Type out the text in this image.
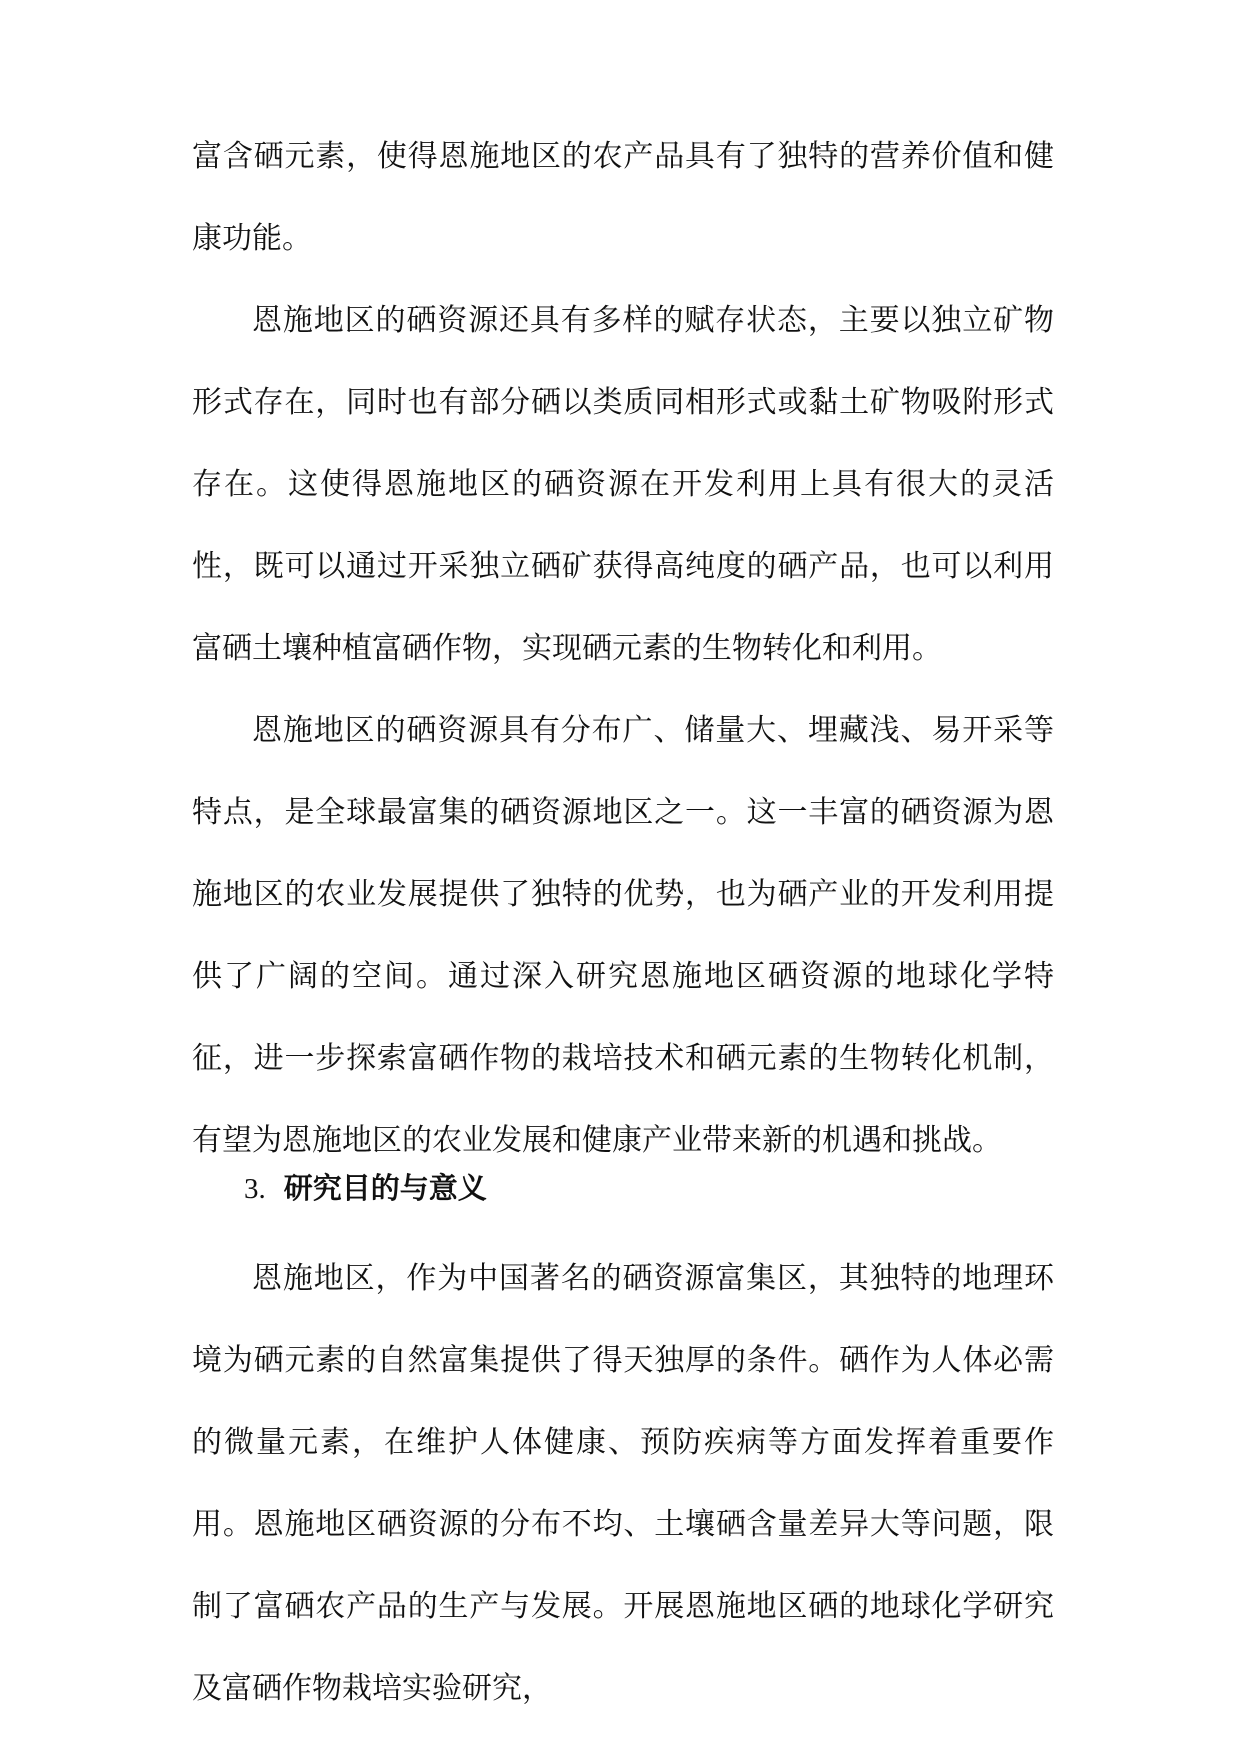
富含硒元素，使得恩施地区的农产品具有了独特的营养价值和健康功能。

恩施地区的硒资源还具有多样的赋存状态，主要以独立矿物形式存在，同时也有部分硒以类质同相形式或黏土矿物吸附形式存在。这使得恩施地区的硒资源在开发利用上具有很大的灵活性，既可以通过开采独立硒矿获得高纯度的硒产品，也可以利用富硒土壤种植富硒作物，实现硒元素的生物转化和利用。

恩施地区的硒资源具有分布广、储量大、埋藏浅、易开采等特点，是全球最富集的硒资源地区之一。这一丰富的硒资源为恩施地区的农业发展提供了独特的优势，也为硒产业的开发利用提供了广阔的空间。通过深入研究恩施地区硒资源的地球化学特征，进一步探索富硒作物的栽培技术和硒元素的生物转化机制，有望为恩施地区的农业发展和健康产业带来新的机遇和挑战。

3. 研究目的与意义

恩施地区，作为中国著名的硒资源富集区，其独特的地理环境为硒元素的自然富集提供了得天独厚的条件。硒作为人体必需的微量元素，在维护人体健康、预防疾病等方面发挥着重要作用。恩施地区硒资源的分布不均、土壤硒含量差异大等问题，限制了富硒农产品的生产与发展。开展恩施地区硒的地球化学研究及富硒作物栽培实验研究，
